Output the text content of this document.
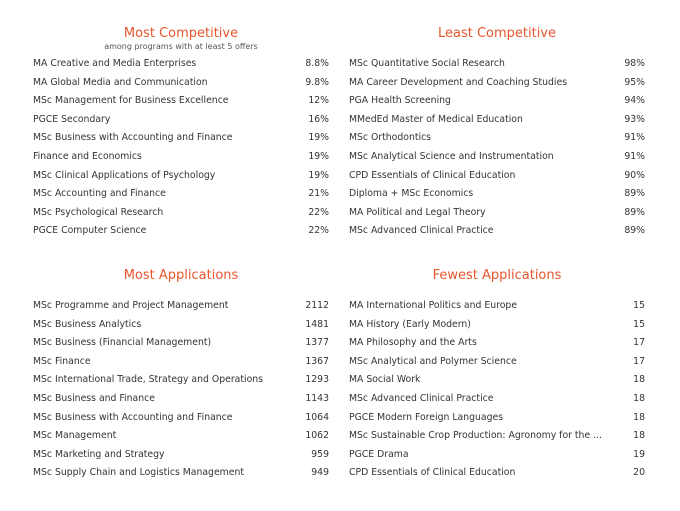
Most Competitive

among programs with at least 5 offers

MA Creative and Media Enterprises	8.8%
MA Global Media and Communication	9.8%
MSc Management for Business Excellence	12%
PGCE Secondary	16%
MSc Business with Accounting and Finance	19%
Finance and Economics	19%
MSc Clinical Applications of Psychology	19%
MSc Accounting and Finance	21%
MSc Psychological Research	22%
PGCE Computer Science	22%
Least Competitive
MSc Quantitative Social Research	98%
MA Career Development and Coaching Studies	95%
PGA Health Screening	94%
MMedEd Master of Medical Education	93%
MSc Orthodontics	91%
MSc Analytical Science and Instrumentation	91%
CPD Essentials of Clinical Education	90%
Diploma + MSc Economics	89%
MA Political and Legal Theory	89%
MSc Advanced Clinical Practice	89%
Most Applications
MSc Programme and Project Management	2112
MSc Business Analytics	1481
MSc Business (Financial Management)	1377
MSc Finance	1367
MSc International Trade, Strategy and Operations	1293
MSc Business and Finance	1143
MSc Business with Accounting and Finance	1064
MSc Management	1062
MSc Marketing and Strategy	959
MSc Supply Chain and Logistics Management	949
Fewest Applications
MA International Politics and Europe	15
MA History (Early Modern)	15
MA Philosophy and the Arts	17
MSc Analytical and Polymer Science	17
MA Social Work	18
MSc Advanced Clinical Practice	18
PGCE Modern Foreign Languages	18
MSc Sustainable Crop Production: Agronomy for the ...	18
PGCE Drama	19
CPD Essentials of Clinical Education	20
